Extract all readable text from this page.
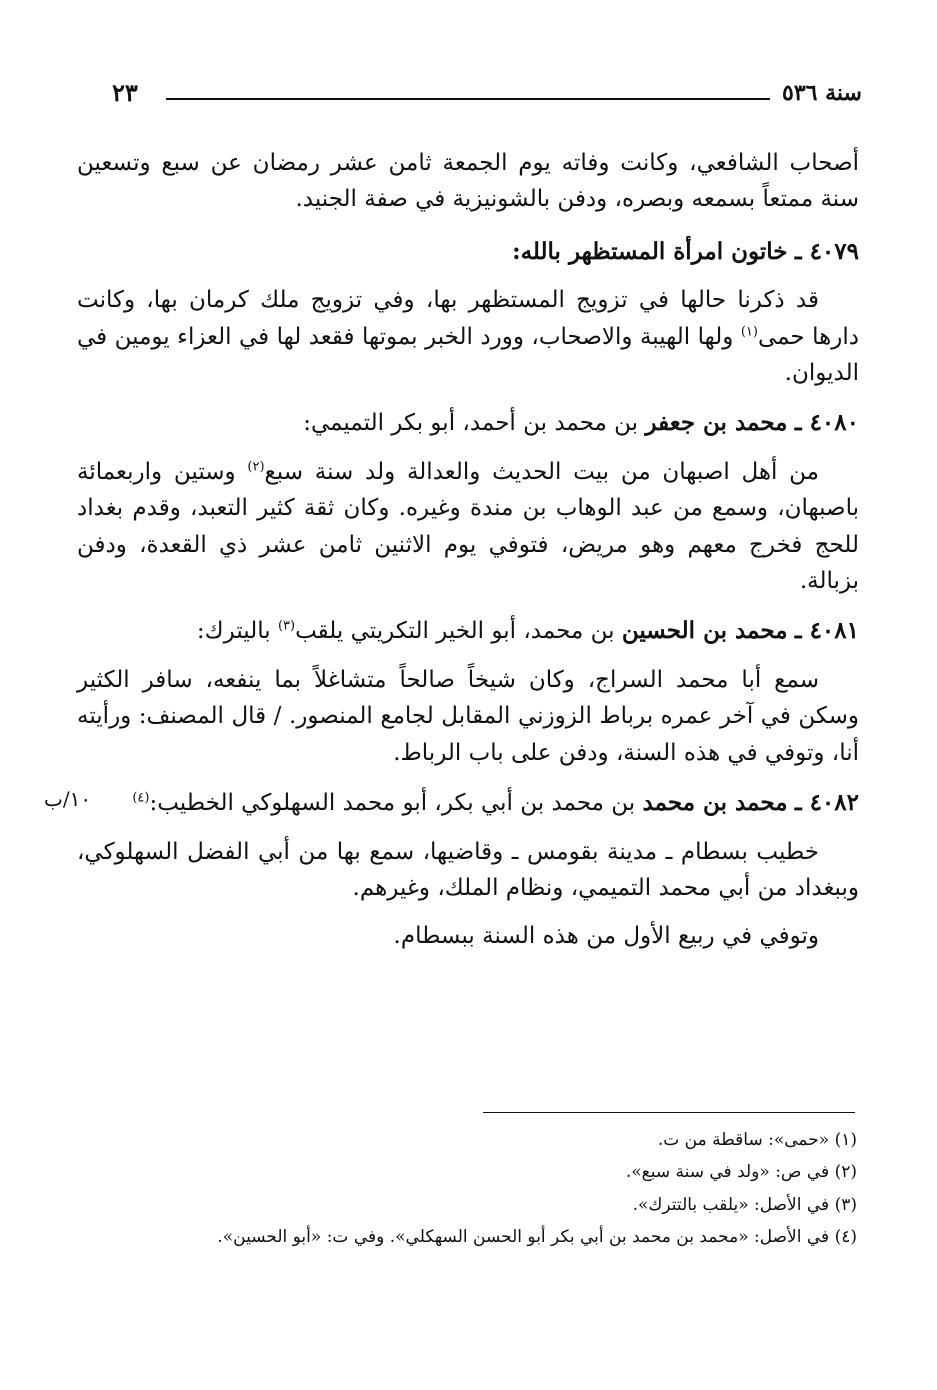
سنة ٥٣٦
٢٣

أصحاب الشافعي، وكانت وفاته يوم الجمعة ثامن عشر رمضان عن سبع وتسعين سنة ممتعاً بسمعه وبصره، ودفن بالشونيزية في صفة الجنيد.

٤٠٧٩ ـ خاتون امرأة المستظهر بالله:

قد ذكرنا حالها في تزويج المستظهر بها، وفي تزويج ملك كرمان بها، وكانت دارها حمى$^{(١)}$ ولها الهيبة والاصحاب، وورد الخبر بموتها فقعد لها في العزاء يومين في الديوان.

٤٠٨٠ ـ محمد بن جعفر بن محمد بن أحمد، أبو بكر التميمي:

من أهل اصبهان من بيت الحديث والعدالة ولد سنة سبع$^{(٢)}$ وستين واربعمائة باصبهان، وسمع من عبد الوهاب بن مندة وغيره. وكان ثقة كثير التعبد، وقدم بغداد للحج فخرج معهم وهو مريض، فتوفي يوم الاثنين ثامن عشر ذي القعدة، ودفن بزبالة.

٤٠٨١ ـ محمد بن الحسين بن محمد، أبو الخير التكريتي يلقب$^{(٣)}$ باليترك:

سمع أبا محمد السراج، وكان شيخاً صالحاً متشاغلاً بما ينفعه، سافر الكثير وسكن في آخر عمره برباط الزوزني المقابل لجامع المنصور. / قال المصنف: ورأيته أنا، وتوفي في هذه السنة، ودفن على باب الرباط.

٤٠٨٢ ـ محمد بن محمد بن محمد بن أبي بكر، أبو محمد السهلوكي الخطيب:$^{(٤)}$

خطيب بسطام ـ مدينة بقومس ـ وقاضيها، سمع بها من أبي الفضل السهلوكي، وببغداد من أبي محمد التميمي، ونظام الملك، وغيرهم.

وتوفي في ربيع الأول من هذه السنة ببسطام.

١٠/ب

(١) «حمى»: ساقطة من ت.

(٢) في ص: «ولد في سنة سبع».

(٣) في الأصل: «يلقب بالتترك».

(٤) في الأصل: «محمد بن محمد بن أبي بكر أبو الحسن السهكلي». وفي ت: «أبو الحسين».
